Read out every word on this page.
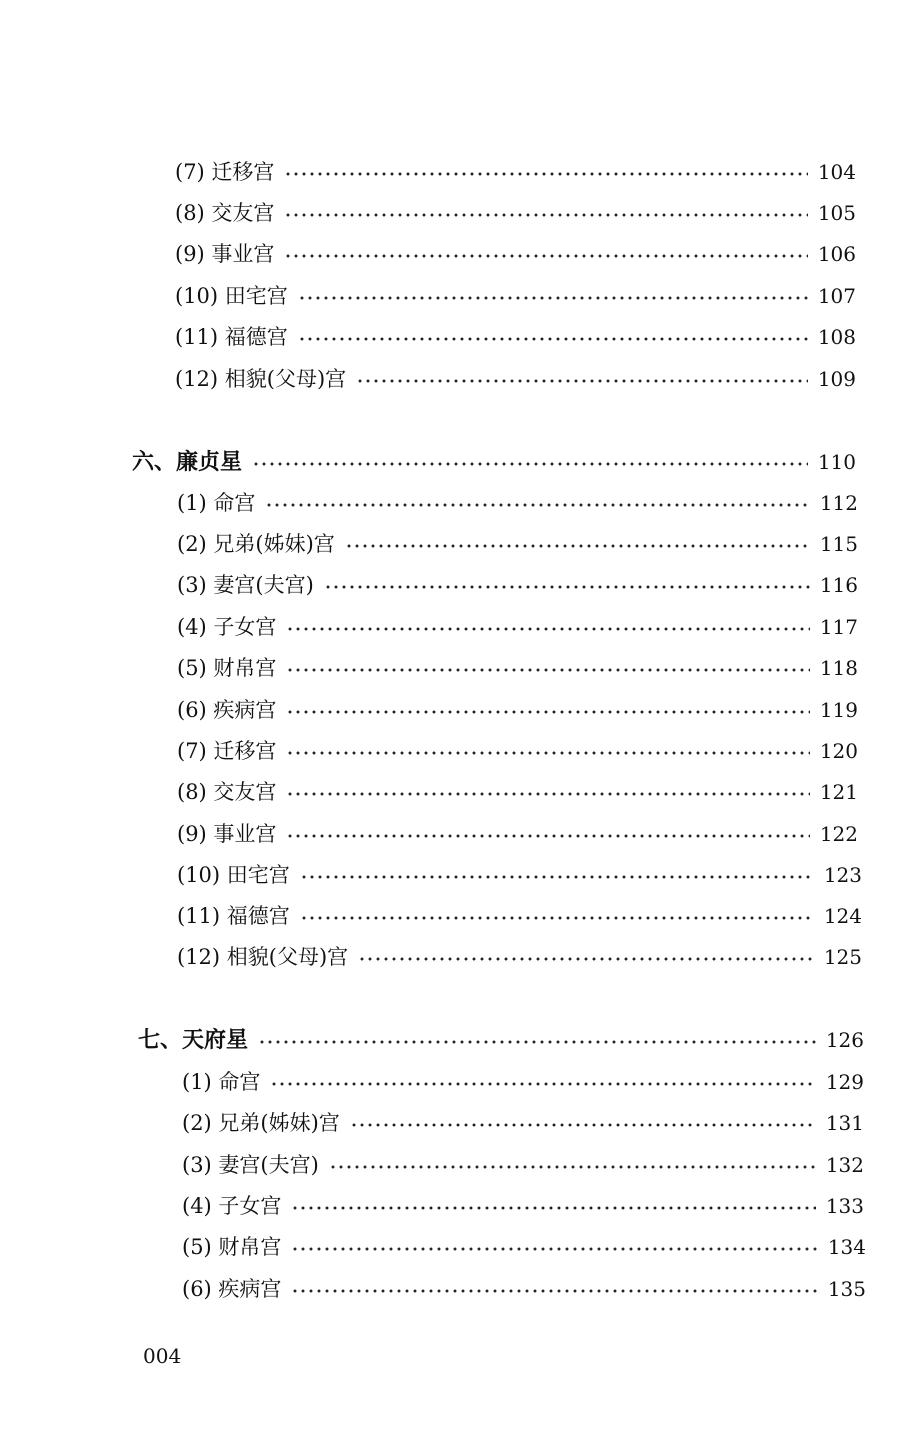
(7) 迁移宫	104
(8) 交友宫	105
(9) 事业宫	106
(10) 田宅宫	107
(11) 福德宫	108
(12) 相貌(父母)宫	109
六、廉贞星	110
(1) 命宫	112
(2) 兄弟(姊妹)宫	115
(3) 妻宫(夫宫)	116
(4) 子女宫	117
(5) 财帛宫	118
(6) 疾病宫	119
(7) 迁移宫	120
(8) 交友宫	121
(9) 事业宫	122
(10) 田宅宫	123
(11) 福德宫	124
(12) 相貌(父母)宫	125
七、天府星	126
(1) 命宫	129
(2) 兄弟(姊妹)宫	131
(3) 妻宫(夫宫)	132
(4) 子女宫	133
(5) 财帛宫	134
(6) 疾病宫	135
004
